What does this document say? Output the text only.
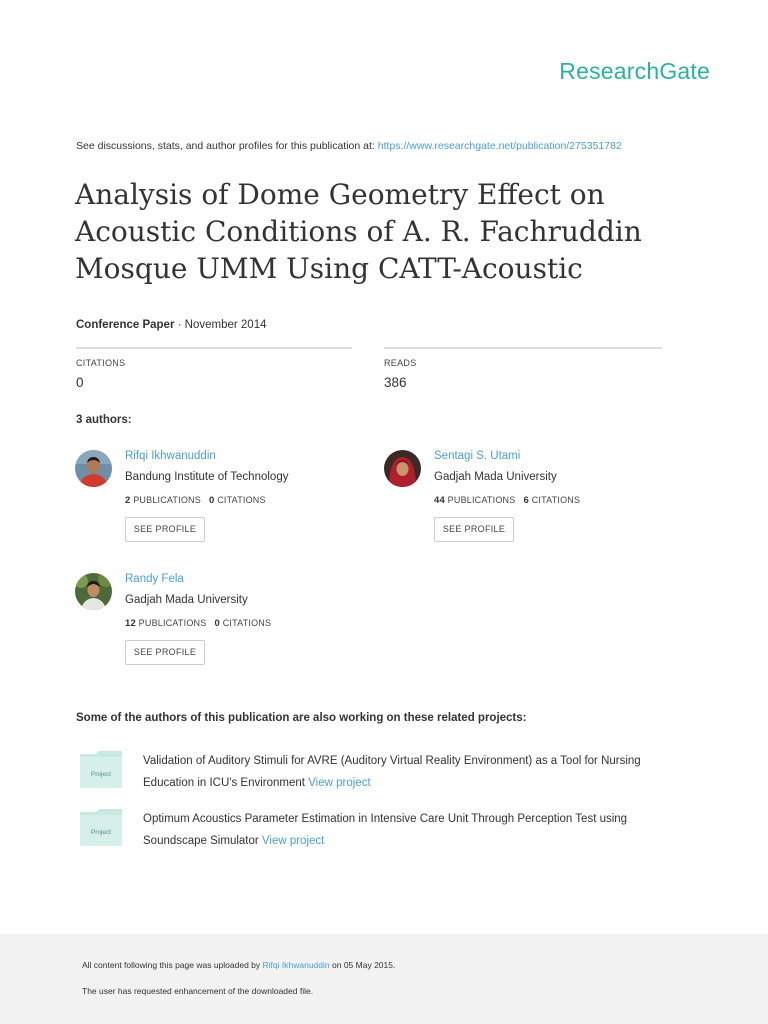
ResearchGate
See discussions, stats, and author profiles for this publication at: https://www.researchgate.net/publication/275351782
Analysis of Dome Geometry Effect on Acoustic Conditions of A. R. Fachruddin Mosque UMM Using CATT-Acoustic
Conference Paper · November 2014
CITATIONS
0
READS
386
3 authors:
Rifqi Ikhwanuddin
Bandung Institute of Technology
2 PUBLICATIONS 0 CITATIONS
SEE PROFILE
Sentagi S. Utami
Gadjah Mada University
44 PUBLICATIONS 6 CITATIONS
SEE PROFILE
Randy Fela
Gadjah Mada University
12 PUBLICATIONS 0 CITATIONS
SEE PROFILE
Some of the authors of this publication are also working on these related projects:
Project
Validation of Auditory Stimuli for AVRE (Auditory Virtual Reality Environment) as a Tool for Nursing Education in ICU's Environment View project
Project
Optimum Acoustics Parameter Estimation in Intensive Care Unit Through Perception Test using Soundscape Simulator View project
All content following this page was uploaded by Rifqi Ikhwanuddin on 05 May 2015.
The user has requested enhancement of the downloaded file.
